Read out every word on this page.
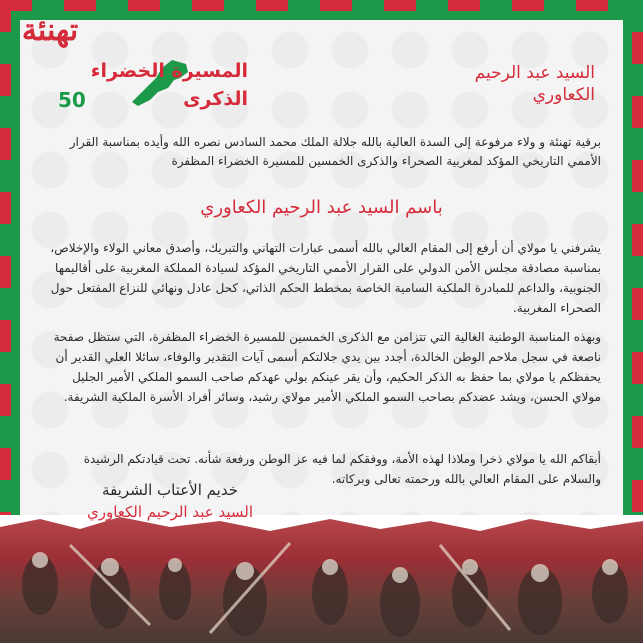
السيد عبد الرحيم
الكعاوري
تهنئة
المسيرة الخضراء
الذكرى
50
برقية تهنئة و ولاء مرفوعة إلى السدة العالية بالله جلالة الملك محمد السادس نصره الله وأيده بمناسبة القرار الأممي التاريخي المؤكد لمغربية الصحراء والذكرى الخمسين للمسيرة الخضراء المظفرة
باسم السيد عبد الرحيم الكعاوري
يشرفني يا مولاي أن أرفع إلى المقام العالي بالله أسمى عبارات التهاني والتبريك، وأصدق معاني الولاء والإخلاص، بمناسبة مصادقة مجلس الأمن الدولي على القرار الأممي التاريخي المؤكد لسيادة المملكة المغربية على أقاليمها الجنوبية، والداعم للمبادرة الملكية السامية الخاصة بمخطط الحكم الذاتي، كحل عادل ونهائي للنزاع المفتعل حول الصحراء المغربية.
وبهذه المناسبة الوطنية الغالية التي تتزامن مع الذكرى الخمسين للمسيرة الخضراء المظفرة، التي ستظل صفحة ناصعة في سجل ملاحم الوطن الخالدة، أجدد بين يدي جلالتكم أسمى آيات التقدير والوفاء، سائلا العلي القدير أن يحفظكم يا مولاي بما حفظ به الذكر الحكيم، وأن يقر عينكم بولي عهدكم صاحب السمو الملكي الأمير الجليل مولاي الحسن، ويشد عضدكم بصاحب السمو الملكي الأمير مولاي رشيد، وسائر أفراد الأسرة الملكية الشريفة.
أبقاكم الله يا مولاي ذخرا وملاذا لهذه الأمة، ووفقكم لما فيه عز الوطن ورفعة شأنه. تحت قيادتكم الرشيدة والسلام على المقام العالي بالله ورحمته تعالى وبركاته.
خديم الأعتاب الشريفة
السيد عبد الرحيم الكعاوري
